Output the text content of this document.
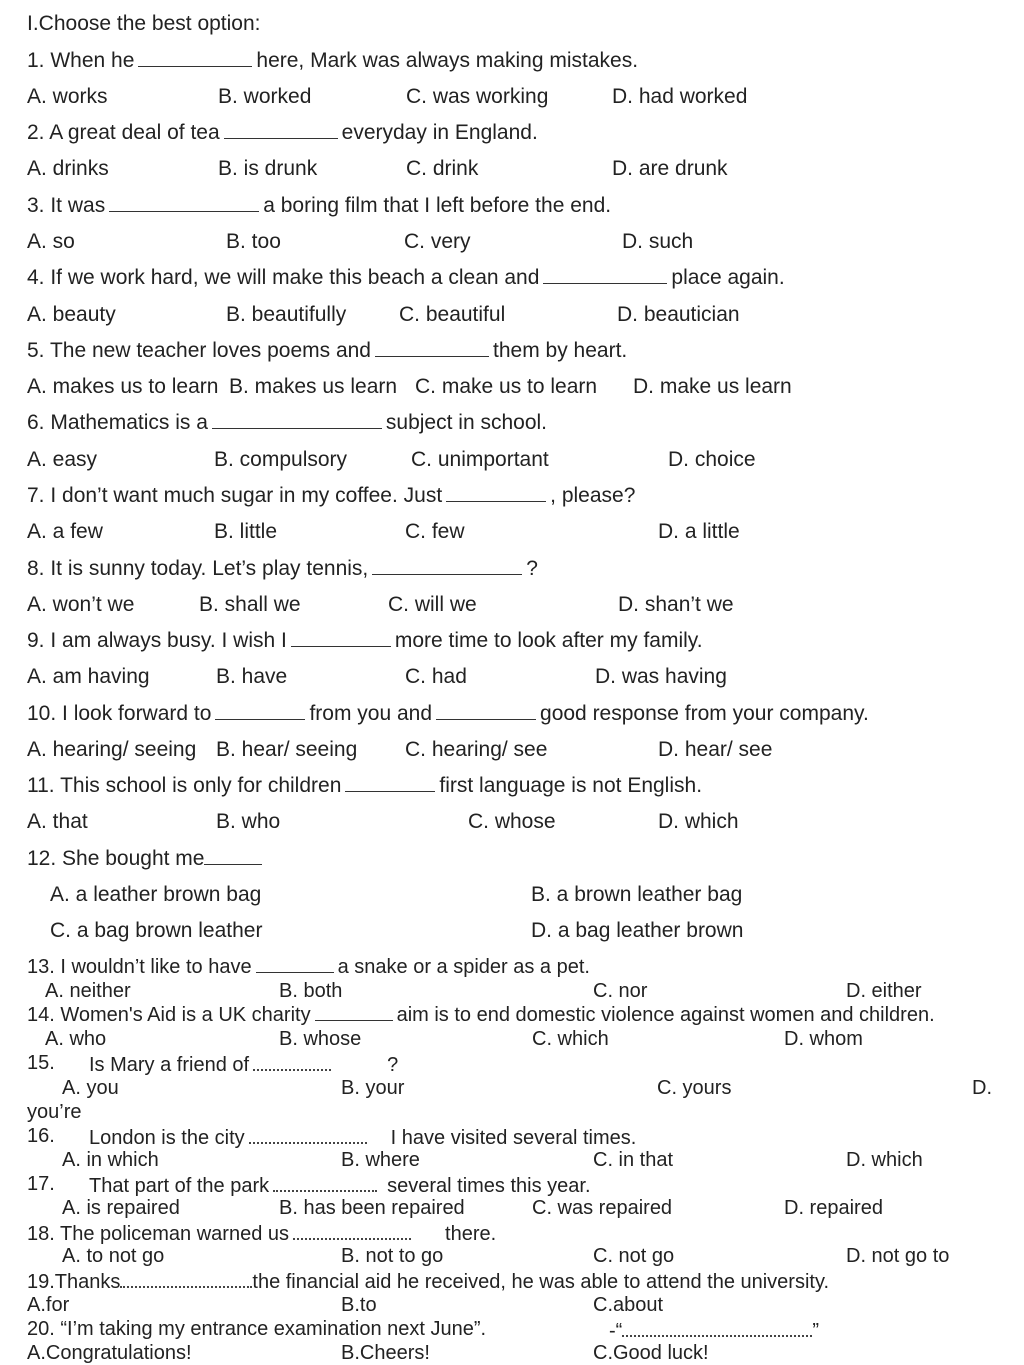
I.Choose the best option:
1. When he	here, Mark was always making mistakes.
A. works	B. worked	C. was working	D. had worked
2. A great deal of tea	everyday in England.
A. drinks	B. is drunk	C. drink	D. are drunk
3. It was	a boring film that I left before the end.
A. so	B. too	C. very	D. such
4. If we work hard, we will make this beach a clean and	place again.
A. beauty	B. beautifully	C. beautiful	D. beautician
5. The new teacher loves poems and	them by heart.
A. makes us to learn B. makes us learn C. make us to learn D. make us learn
6. Mathematics is a	subject in school.
A. easy	B. compulsory	C. unimportant	D. choice
7. I don’t want much sugar in my coffee. Just	, please?
A. a few	B. little	C. few	D. a little
8. It is sunny today. Let’s play tennis,	?
A. won’t we	B. shall we	C. will we	D. shan’t we
9. I am always busy. I wish I	more time to look after my family.
A. am having	B. have	C. had	D. was having
10. I look forward to	from you and	good response from your company.
A. hearing/ seeing B. hear/ seeing C. hearing/ see	D. hear/ see
11. This school is only for children	first language is not English.
A. that	B. who	C. whose	D. which
12. She bought me
A. a leather brown bag	B. a brown leather bag
C. a bag brown leather	D. a bag leather brown
13. I wouldn’t like to have	a snake or a spider as a pet.
A. neither	B. both	C. nor	D. either
14. Women's Aid is a UK charity	aim is to end domestic violence against women and children.
A. who	B. whose	C. which	D. whom
15. Is Mary a friend of	?
A. you	B. your	C. yours	D.
you’re
16. London is the city	I have visited several times.
A. in which	B. where	C. in that	D. which
17. That part of the park	several times this year.
A. is repaired	B. has been repaired	C. was repaired	D. repaired
18. The policeman warned us	there.
A. to not go	B. not to go	C. not go	D. not go to
19.Thanks	the financial aid he received, he was able to attend the university.
A.for	B.to	C.about
20. “I’m taking my entrance examination next June”.	-“	”
A.Congratulations!	B.Cheers!	C.Good luck!
